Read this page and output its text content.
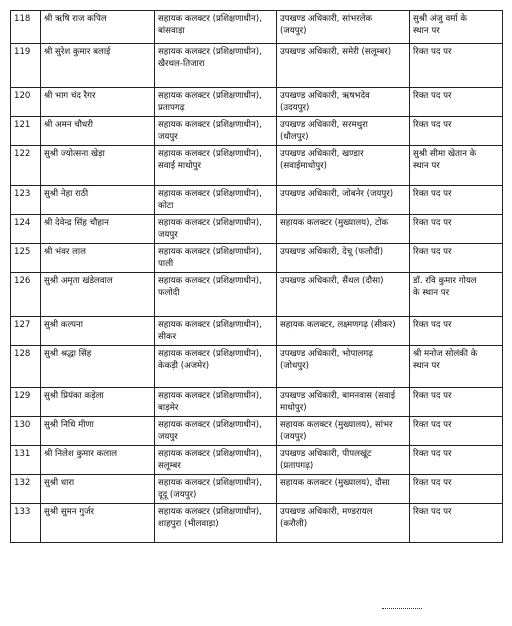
118	श्री ऋषि राज कपिल	सहायक कलक्टर (प्रशिक्षणाधीन),
बांसवाड़ा	उपखण्ड अधिकारी, सांभरलेक
(जयपुर)	सुश्री अंजु वर्मा के
स्थान पर

119	श्री सुरेश कुमार बलाई	सहायक कलक्टर (प्रशिक्षणाधीन),
खैरथल-तिजारा	उपखण्ड अधिकारी, समेरी (सलूम्बर)	रिक्त पद पर

120	श्री भाग चंद रैगर	सहायक कलक्टर (प्रशिक्षणाधीन),
प्रतापगढ़	उपखण्ड अधिकारी, ऋषभदेव
(उदयपुर)	रिक्त पद पर

121	श्री अमन चौधरी	सहायक कलक्टर (प्रशिक्षणाधीन),
जयपुर	उपखण्ड अधिकारी, सरमथुरा
(धौलपुर)	रिक्त पद पर

122	सुश्री ज्योत्सना खेड़ा	सहायक कलक्टर (प्रशिक्षणाधीन),
सवाई माधोपुर	उपखण्ड अधिकारी, खण्डार
(सवाईमाधोपुर)	सुश्री सीमा खेतान के
स्थान पर

123	सुश्री नेहा राठी	सहायक कलक्टर (प्रशिक्षणाधीन),
कोटा	उपखण्ड अधिकारी, जोबनेर (जयपुर)	रिक्त पद पर

124	श्री देवेन्द्र सिंह चौहान	सहायक कलक्टर (प्रशिक्षणाधीन),
जयपुर	सहायक कलक्टर (मुख्यालय), टोंक	रिक्त पद पर

125	श्री भंवर लाल	सहायक कलक्टर (प्रशिक्षणाधीन),
पाली	उपखण्ड अधिकारी, देचू (फलौदी)	रिक्त पद पर

126	सुश्री अमृता खंडेलवाल	सहायक कलक्टर (प्रशिक्षणाधीन),
फलोदी	उपखण्ड अधिकारी, सैंथल (दौसा)	डॉ. रवि कुमार गोयल
के स्थान पर

127	सुश्री कल्पना	सहायक कलक्टर (प्रशिक्षणाधीन),
सीकर	सहायक कलक्टर, लक्ष्मणगढ़ (सीकर)	रिक्त पद पर

128	सुश्री श्रद्धा सिंह	सहायक कलक्टर (प्रशिक्षणाधीन),
केकड़ी (अजमेर)	उपखण्ड अधिकारी, भोपालगढ़
(जोधपुर)	श्री मनोज सोलंकी के
स्थान पर

129	सुश्री प्रियंका कड़ेला	सहायक कलक्टर (प्रशिक्षणाधीन),
बाड़मेर	उपखण्ड अधिकारी, बामनवास (सवाई
माधोपुर)	रिक्त पद पर

130	सुश्री निधि मीणा	सहायक कलक्टर (प्रशिक्षणाधीन),
जयपुर	सहायक कलक्टर (मुख्यालय), सांभर
(जयपुर)	रिक्त पद पर

131	श्री निलेश कुमार कलाल	सहायक कलक्टर (प्रशिक्षणाधीन),
सलूम्बर	उपखण्ड अधिकारी, पीपलखूंट
(प्रतापगढ़)	रिक्त पद पर

132	सुश्री धारा	सहायक कलक्टर (प्रशिक्षणाधीन),
दूदू (जयपुर)	सहायक कलक्टर (मुख्यालय), दौसा	रिक्त पद पर

133	सुश्री सुमन गुर्जर	सहायक कलक्टर (प्रशिक्षणाधीन),
शाहपुरा (भीलवाड़ा)	उपखण्ड अधिकारी, मण्डरायल
(करौली)	रिक्त पद पर
